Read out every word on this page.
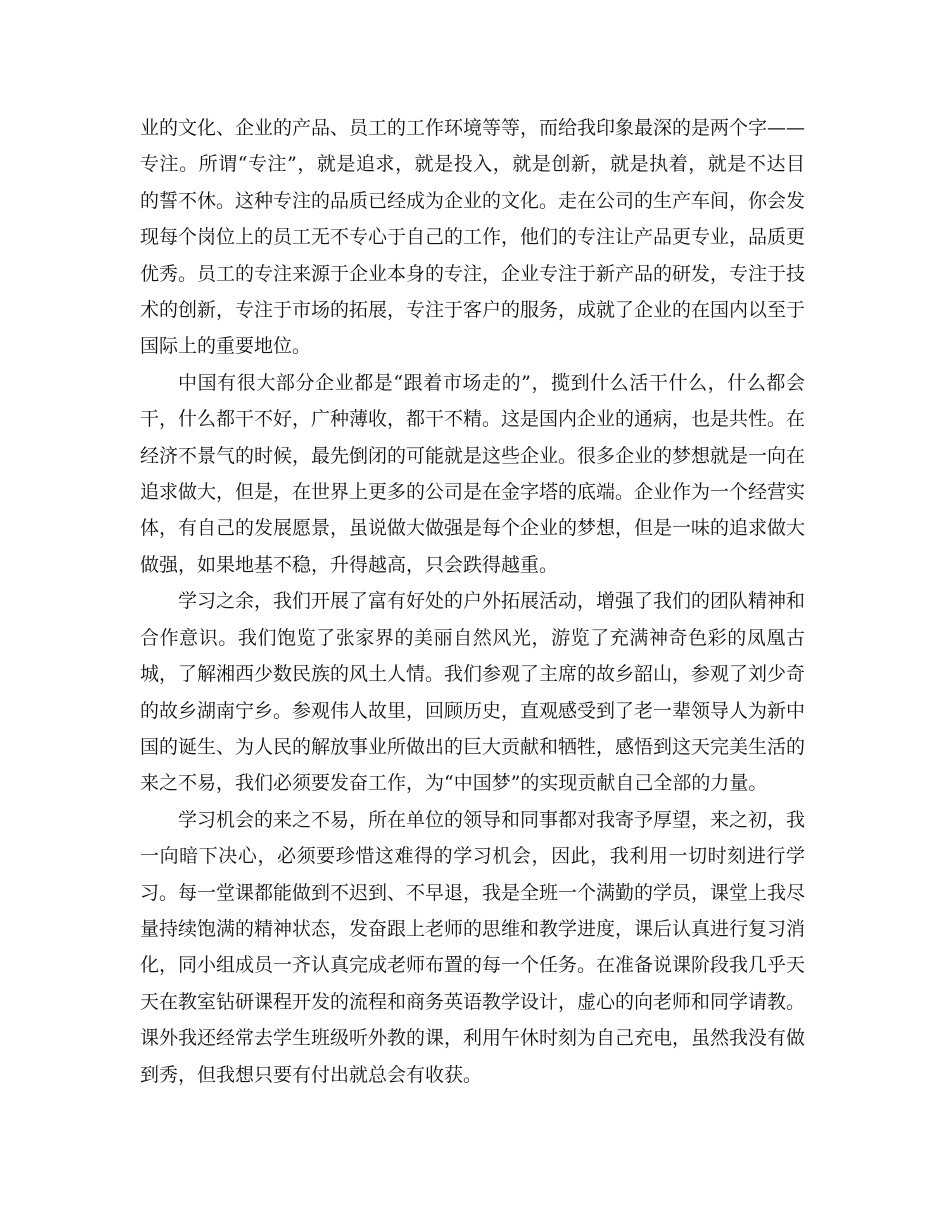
业的文化、企业的产品、员工的工作环境等等，而给我印象最深的是两个字——专注。所谓“专注”，就是追求，就是投入，就是创新，就是执着，就是不达目的誓不休。这种专注的品质已经成为企业的文化。走在公司的生产车间，你会发现每个岗位上的员工无不专心于自己的工作，他们的专注让产品更专业，品质更优秀。员工的专注来源于企业本身的专注，企业专注于新产品的研发，专注于技术的创新，专注于市场的拓展，专注于客户的服务，成就了企业的在国内以至于国际上的重要地位。

中国有很大部分企业都是“跟着市场走的”，揽到什么活干什么，什么都会干，什么都干不好，广种薄收，都干不精。这是国内企业的通病，也是共性。在经济不景气的时候，最先倒闭的可能就是这些企业。很多企业的梦想就是一向在追求做大，但是，在世界上更多的公司是在金字塔的底端。企业作为一个经营实体，有自己的发展愿景，虽说做大做强是每个企业的梦想，但是一味的追求做大做强，如果地基不稳，升得越高，只会跌得越重。

学习之余，我们开展了富有好处的户外拓展活动，增强了我们的团队精神和合作意识。我们饱览了张家界的美丽自然风光，游览了充满神奇色彩的凤凰古城，了解湘西少数民族的风土人情。我们参观了主席的故乡韶山，参观了刘少奇的故乡湖南宁乡。参观伟人故里，回顾历史，直观感受到了老一辈领导人为新中国的诞生、为人民的解放事业所做出的巨大贡献和牺牲，感悟到这天完美生活的来之不易，我们必须要发奋工作，为“中国梦”的实现贡献自己全部的力量。

学习机会的来之不易，所在单位的领导和同事都对我寄予厚望，来之初，我一向暗下决心，必须要珍惜这难得的学习机会，因此，我利用一切时刻进行学习。每一堂课都能做到不迟到、不早退，我是全班一个满勤的学员，课堂上我尽量持续饱满的精神状态，发奋跟上老师的思维和教学进度，课后认真进行复习消化，同小组成员一齐认真完成老师布置的每一个任务。在准备说课阶段我几乎天天在教室钻研课程开发的流程和商务英语教学设计，虚心的向老师和同学请教。课外我还经常去学生班级听外教的课，利用午休时刻为自己充电，虽然我没有做到秀，但我想只要有付出就总会有收获。
